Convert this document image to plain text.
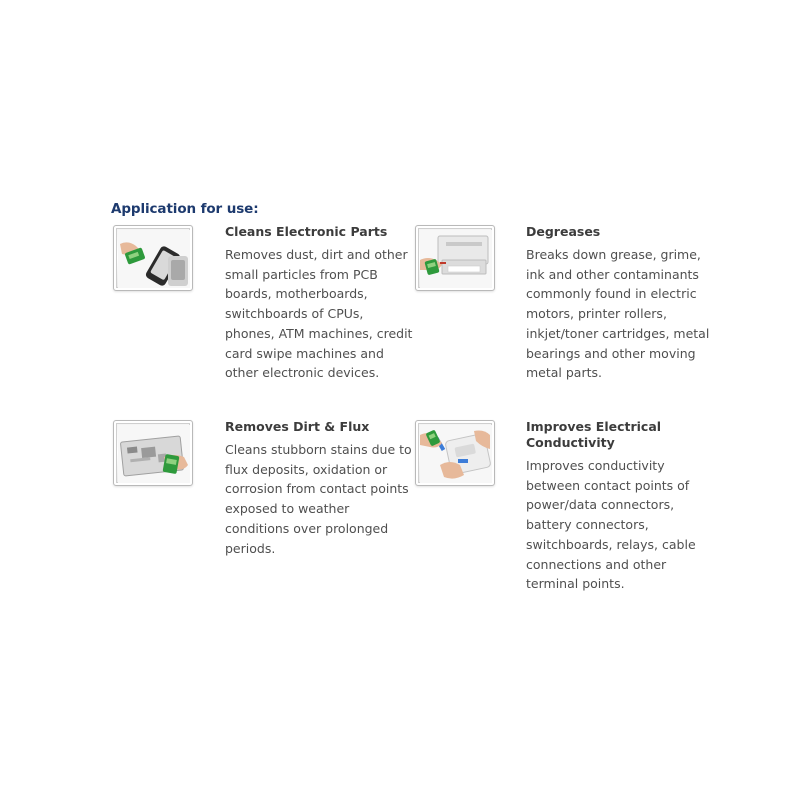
Application for use:
Cleans Electronic Parts

Removes dust, dirt and other small particles from PCB boards, motherboards, switchboards of CPUs, phones, ATM machines, credit card swipe machines and other electronic devices.

Degreases

Breaks down grease, grime, ink and other contaminants commonly found in electric motors, printer rollers, inkjet/toner cartridges, metal bearings and other moving metal parts.

Removes Dirt & Flux

Cleans stubborn stains due to flux deposits, oxidation or corrosion from contact points exposed to weather conditions over prolonged periods.

Improves Electrical Conductivity

Improves conductivity between contact points of power/data connectors, battery connectors, switchboards, relays, cable connections and other terminal points.
